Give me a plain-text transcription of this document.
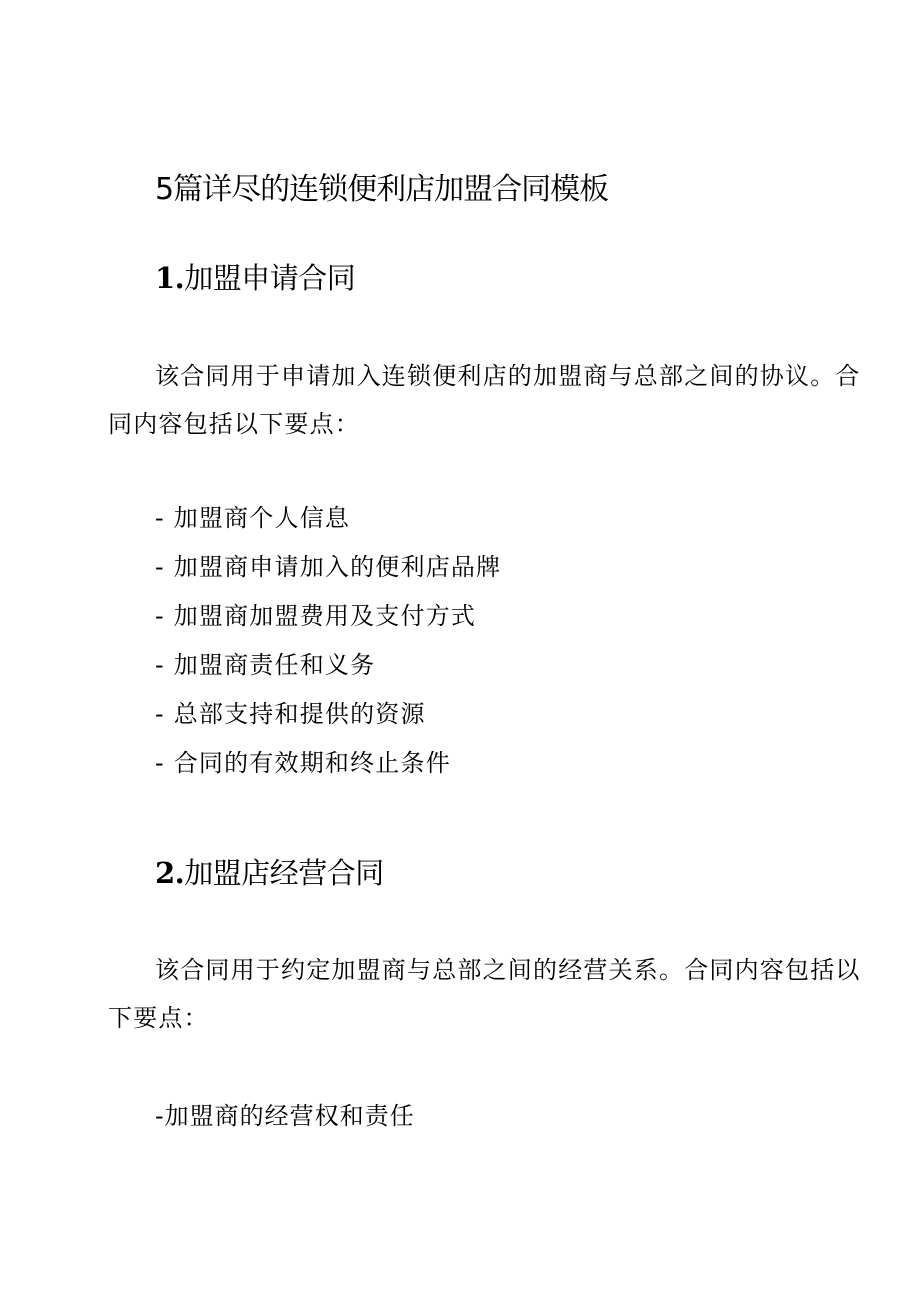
5篇详尽的连锁便利店加盟合同模板
1.加盟申请合同

该合同用于申请加入连锁便利店的加盟商与总部之间的协议。合

同内容包括以下要点：

- 加盟商个人信息

- 加盟商申请加入的便利店品牌

- 加盟商加盟费用及支付方式

- 加盟商责任和义务

- 总部支持和提供的资源

- 合同的有效期和终止条件

2.加盟店经营合同

该合同用于约定加盟商与总部之间的经营关系。合同内容包括以

下要点：

-加盟商的经营权和责任
